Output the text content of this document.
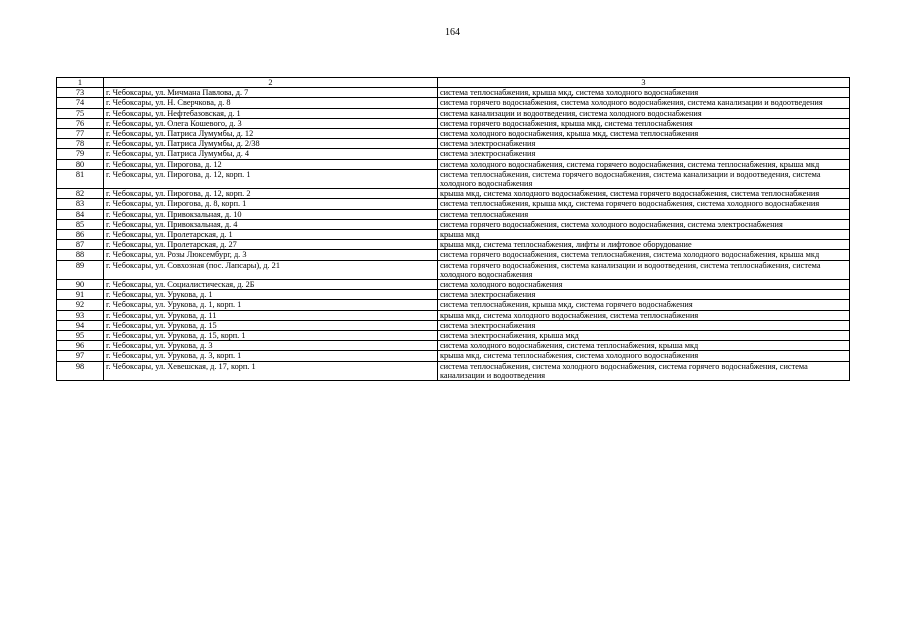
164
1	2	3
73	г. Чебоксары, ул. Мичмана Павлова, д. 7	система теплоснабжения, крыша мкд, система холодного водоснабжения
74	г. Чебоксары, ул. Н. Сверчкова, д. 8	система горячего водоснабжения, система холодного водоснабжения, система канализации и водоотведения
75	г. Чебоксары, ул. Нефтебазовская, д. 1	система канализации и водоотведения, система холодного водоснабжения
76	г. Чебоксары, ул. Олега Кошевого, д. 3	система горячего водоснабжения, крыша мкд, система теплоснабжения
77	г. Чебоксары, ул. Патриса Лумумбы, д. 12	система холодного водоснабжения, крыша мкд, система теплоснабжения
78	г. Чебоксары, ул. Патриса Лумумбы, д. 2/38	система электроснабжения
79	г. Чебоксары, ул. Патриса Лумумбы, д. 4	система электроснабжения
80	г. Чебоксары, ул. Пирогова, д. 12	система холодного водоснабжения, система горячего водоснабжения, система теплоснабжения, крыша мкд
81	г. Чебоксары, ул. Пирогова, д. 12, корп. 1	система теплоснабжения, система горячего водоснабжения, система канализации и водоотведения, система холодного водоснабжения
82	г. Чебоксары, ул. Пирогова, д. 12, корп. 2	крыша мкд, система холодного водоснабжения, система горячего водоснабжения, система теплоснабжения
83	г. Чебоксары, ул. Пирогова, д. 8, корп. 1	система теплоснабжения, крыша мкд, система горячего водоснабжения, система холодного водоснабжения
84	г. Чебоксары, ул. Привокзальная, д. 10	система теплоснабжения
85	г. Чебоксары, ул. Привокзальная, д. 4	система горячего водоснабжения, система холодного водоснабжения, система электроснабжения
86	г. Чебоксары, ул. Пролетарская, д. 1	крыша мкд
87	г. Чебоксары, ул. Пролетарская, д. 27	крыша мкд, система теплоснабжения, лифты и лифтовое оборудование
88	г. Чебоксары, ул. Розы Люксембург, д. 3	система горячего водоснабжения, система теплоснабжения, система холодного водоснабжения, крыша мкд
89	г. Чебоксары, ул. Совхозная (пос. Лапсары), д. 21	система горячего водоснабжения, система канализации и водоотведения, система теплоснабжения, система холодного водоснабжения
90	г. Чебоксары, ул. Социалистическая, д. 2Б	система холодного водоснабжения
91	г. Чебоксары, ул. Урукова, д. 1	система электроснабжения
92	г. Чебоксары, ул. Урукова, д. 1, корп. 1	система теплоснабжения, крыша мкд, система горячего водоснабжения
93	г. Чебоксары, ул. Урукова, д. 11	крыша мкд, система холодного водоснабжения, система теплоснабжения
94	г. Чебоксары, ул. Урукова, д. 15	система электроснабжения
95	г. Чебоксары, ул. Урукова, д. 15, корп. 1	система электроснабжения, крыша мкд
96	г. Чебоксары, ул. Урукова, д. 3	система холодного водоснабжения, система теплоснабжения, крыша мкд
97	г. Чебоксары, ул. Урукова, д. 3, корп. 1	крыша мкд, система теплоснабжения, система холодного водоснабжения
98	г. Чебоксары, ул. Хевешская, д. 17, корп. 1	система теплоснабжения, система холодного водоснабжения, система горячего водоснабжения, система канализации и водоотведения
